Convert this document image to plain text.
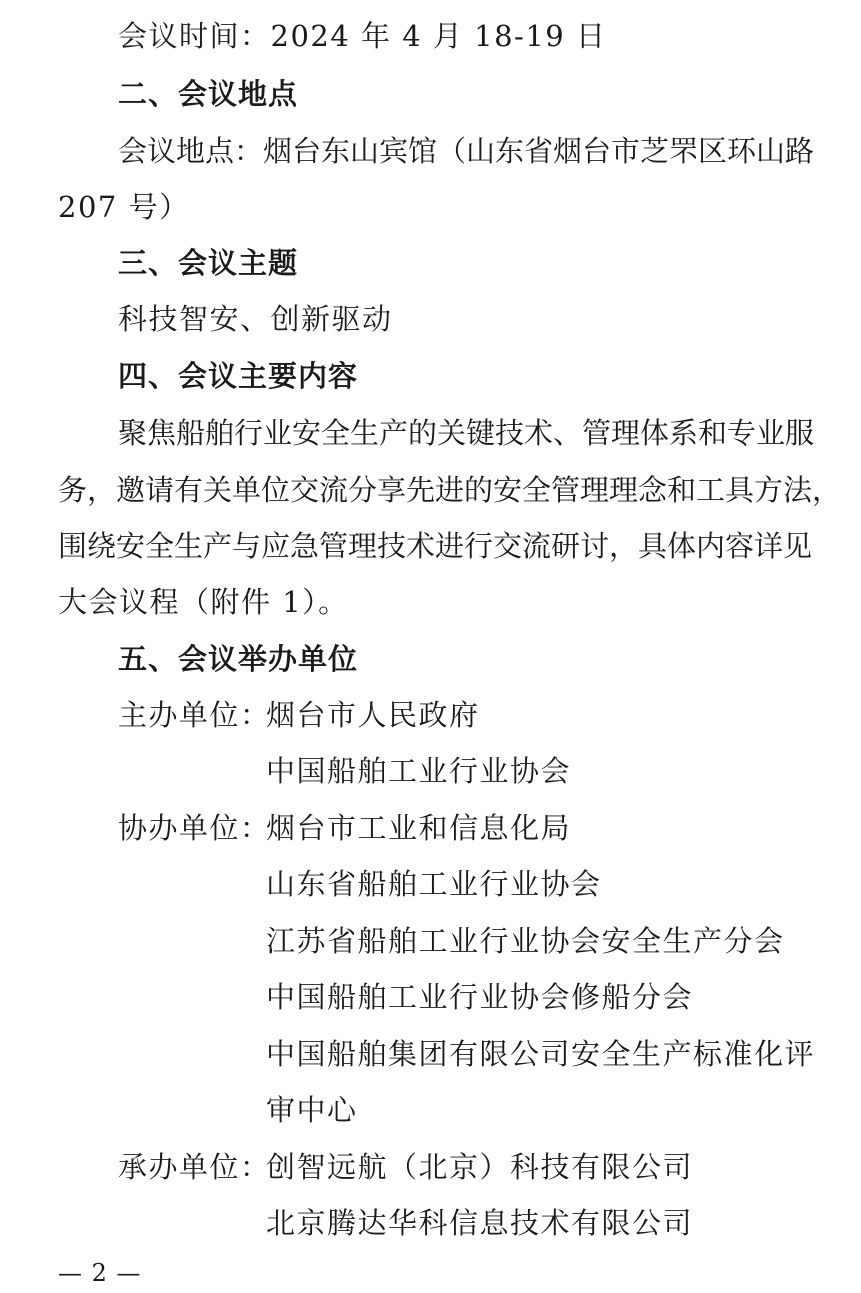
会议时间：2024 年 4 月 18-19 日
二、会议地点
会议地点：烟台东山宾馆（山东省烟台市芝罘区环山路
207 号）
三、会议主题
科技智安、创新驱动
四、会议主要内容
聚焦船舶行业安全生产的关键技术、管理体系和专业服
务，邀请有关单位交流分享先进的安全管理理念和工具方法，
围绕安全生产与应急管理技术进行交流研讨，具体内容详见
大会议程（附件 1）。
五、会议举办单位
主办单位：烟台市人民政府
中国船舶工业行业协会
协办单位：烟台市工业和信息化局
山东省船舶工业行业协会
江苏省船舶工业行业协会安全生产分会
中国船舶工业行业协会修船分会
中国船舶集团有限公司安全生产标准化评
审中心
承办单位：创智远航（北京）科技有限公司
北京腾达华科信息技术有限公司
— 2 —
